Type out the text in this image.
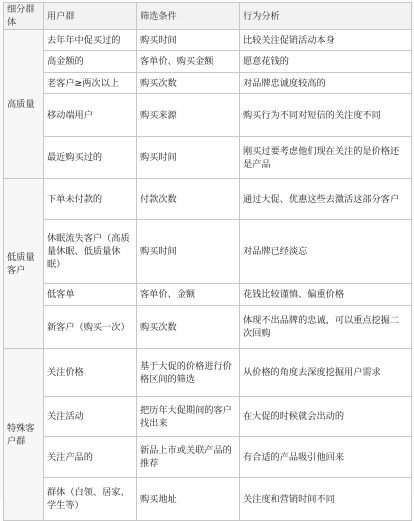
细分群体	用户群	筛选条件	行为分析
高质量	去年年中促买过的	购买时间	比较关注促销活动本身
	高金额的	客单价、购买金额	愿意花钱的
	老客户≥两次以上	购买次数	对品牌忠诚度较高的
	移动端用户	购买来源	购买行为不同对短信的关注度不同
	最近购买过的	购买时间	刚买过要考虑他们现在关注的是价格还是产品
低质量客户	下单未付款的	付款次数	通过大促、优惠这些去激活这部分客户
	休眠流失客户（高质量休眠、低质量休眠）	购买时间	对品牌已经淡忘
	低客单	客单价、金额	花钱比较谨慎、偏重价格
	新客户（购买一次）	购买次数	体现不出品牌的忠诚，可以重点挖掘二次回购
特殊客户群	关注价格	基于大促的价格进行价格区间的筛选	从价格的角度去深度挖掘用户需求
	关注活动	把历年大促期间的客户找出来	在大促的时候就会出动的
	关注产品的	新品上市或关联产品的推荐	有合适的产品吸引他回来
	群体（白领、居家、学生等）	购买地址	关注度和营销时间不同
